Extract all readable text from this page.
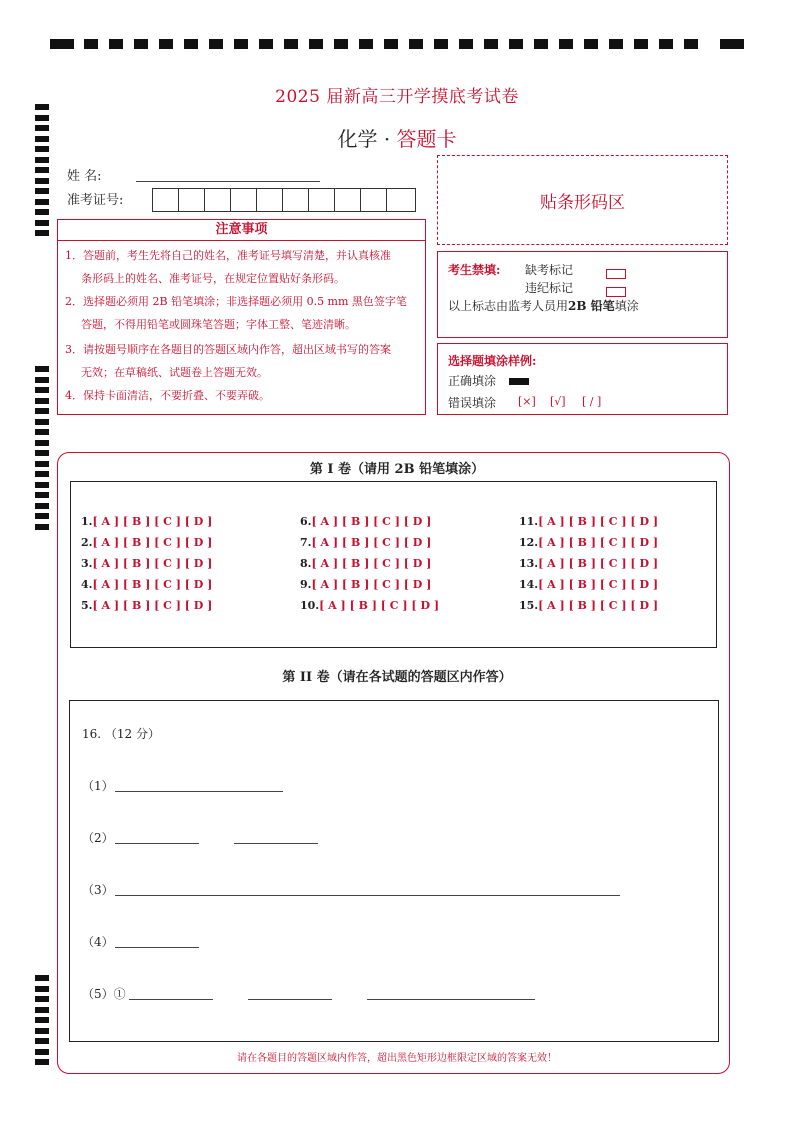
2025 届新高三开学摸底考试卷
化学 · 答题卡
姓 名:
准考证号:	贴条形码区
注意事项

1．答题前，考生先将自己的姓名，准考证号填写清楚，并认真核准

条形码上的姓名、准考证号，在规定位置贴好条形码。

2．选择题必须用 2B 铅笔填涂；非选择题必须用 0.5 mm 黑色签字笔

答题，不得用铅笔或圆珠笔答题；字体工整、笔迹清晰。

3．请按题号顺序在各题目的答题区域内作答，超出区域书写的答案

无效；在草稿纸、试题卷上答题无效。

4．保持卡面清洁，不要折叠、不要弄破。

考生禁填: 缺考标记
违纪标记
以上标志由监考人员用2B 铅笔填涂
选择题填涂样例:
正确填涂
错误填涂 [×] [√] [ / ]
第 I 卷（请用 2B 铅笔填涂）
1.[ A ] [ B ] [ C ] [ D ]
2.[ A ] [ B ] [ C ] [ D ]
3.[ A ] [ B ] [ C ] [ D ]
4.[ A ] [ B ] [ C ] [ D ]
5.[ A ] [ B ] [ C ] [ D ]
6.[ A ] [ B ] [ C ] [ D ]
7.[ A ] [ B ] [ C ] [ D ]
8.[ A ] [ B ] [ C ] [ D ]
9.[ A ] [ B ] [ C ] [ D ]
10.[ A ] [ B ] [ C ] [ D ]
11.[ A ] [ B ] [ C ] [ D ]
12.[ A ] [ B ] [ C ] [ D ]
13.[ A ] [ B ] [ C ] [ D ]
14.[ A ] [ B ] [ C ] [ D ]
15.[ A ] [ B ] [ C ] [ D ]
第 II 卷（请在各试题的答题区内作答）
16. （12 分）
（1）
（2）
（3）
（4）
（5）①
请在各题目的答题区域内作答，超出黑色矩形边框限定区域的答案无效！
